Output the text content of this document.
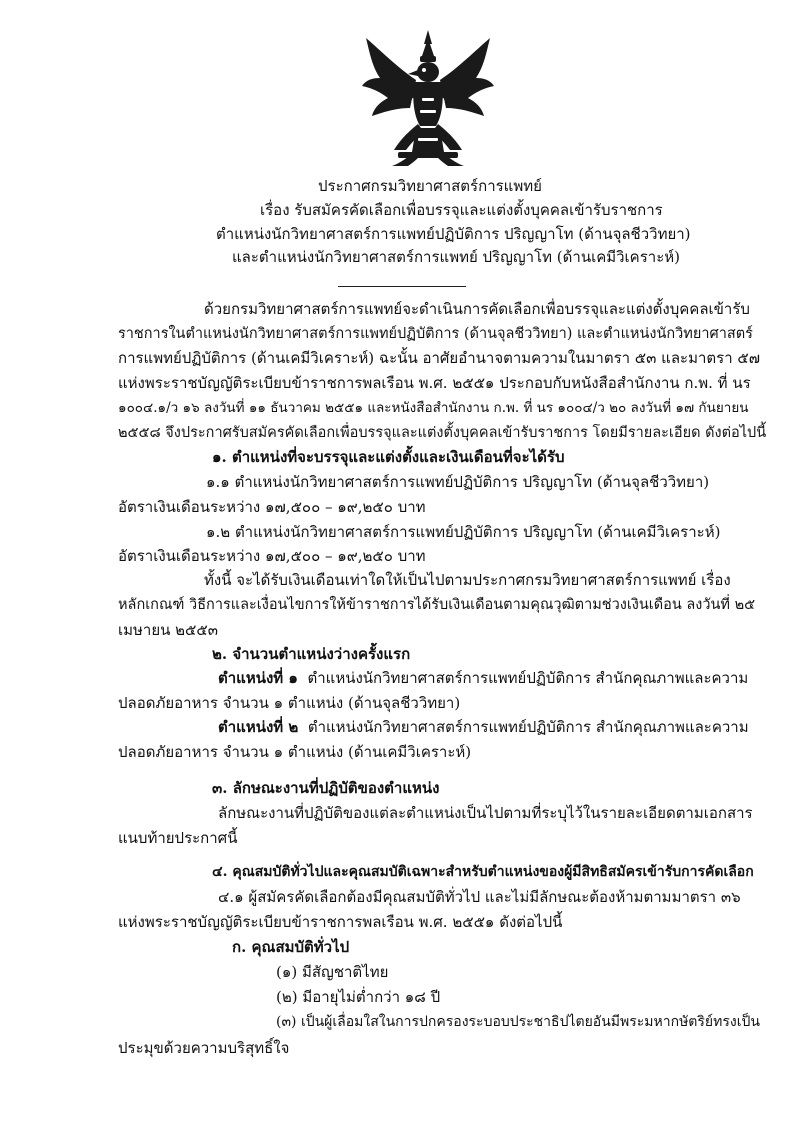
ประกาศกรมวิทยาศาสตร์การแพทย์
เรื่อง รับสมัครคัดเลือกเพื่อบรรจุและแต่งตั้งบุคคลเข้ารับราชการ
ตำแหน่งนักวิทยาศาสตร์การแพทย์ปฏิบัติการ ปริญญาโท (ด้านจุลชีววิทยา)
และตำแหน่งนักวิทยาศาสตร์การแพทย์ ปริญญาโท (ด้านเคมีวิเคราะห์)
ด้วยกรมวิทยาศาสตร์การแพทย์จะดำเนินการคัดเลือกเพื่อบรรจุและแต่งตั้งบุคคลเข้ารับ
ราชการในตำแหน่งนักวิทยาศาสตร์การแพทย์ปฏิบัติการ (ด้านจุลชีววิทยา) และตำแหน่งนักวิทยาศาสตร์
การแพทย์ปฏิบัติการ (ด้านเคมีวิเคราะห์) ฉะนั้น อาศัยอำนาจตามความในมาตรา ๕๓ และมาตรา ๕๗
แห่งพระราชบัญญัติระเบียบข้าราชการพลเรือน พ.ศ. ๒๕๕๑ ประกอบกับหนังสือสำนักงาน ก.พ. ที่ นร
๑๐๐๔.๑/ว ๑๖ ลงวันที่ ๑๑ ธันวาคม ๒๕๕๑ และหนังสือสำนักงาน ก.พ. ที่ นร ๑๐๐๔/ว ๒๐ ลงวันที่ ๑๗ กันยายน
๒๕๕๘ จึงประกาศรับสมัครคัดเลือกเพื่อบรรจุและแต่งตั้งบุคคลเข้ารับราชการ โดยมีรายละเอียด ดังต่อไปนี้
๑. ตำแหน่งที่จะบรรจุและแต่งตั้งและเงินเดือนที่จะได้รับ
๑.๑ ตำแหน่งนักวิทยาศาสตร์การแพทย์ปฏิบัติการ ปริญญาโท (ด้านจุลชีววิทยา)
อัตราเงินเดือนระหว่าง ๑๗,๕๐๐ – ๑๙,๒๕๐ บาท
๑.๒ ตำแหน่งนักวิทยาศาสตร์การแพทย์ปฏิบัติการ ปริญญาโท (ด้านเคมีวิเคราะห์)
อัตราเงินเดือนระหว่าง ๑๗,๕๐๐ – ๑๙,๒๕๐ บาท
ทั้งนี้ จะได้รับเงินเดือนเท่าใดให้เป็นไปตามประกาศกรมวิทยาศาสตร์การแพทย์ เรื่อง
หลักเกณฑ์ วิธีการและเงื่อนไขการให้ข้าราชการได้รับเงินเดือนตามคุณวุฒิตามช่วงเงินเดือน ลงวันที่ ๒๕
เมษายน ๒๕๕๓
๒. จำนวนตำแหน่งว่างครั้งแรก
ตำแหน่งที่ ๑ ตำแหน่งนักวิทยาศาสตร์การแพทย์ปฏิบัติการ สำนักคุณภาพและความ
ปลอดภัยอาหาร จำนวน ๑ ตำแหน่ง (ด้านจุลชีววิทยา)
ตำแหน่งที่ ๒ ตำแหน่งนักวิทยาศาสตร์การแพทย์ปฏิบัติการ สำนักคุณภาพและความ
ปลอดภัยอาหาร จำนวน ๑ ตำแหน่ง (ด้านเคมีวิเคราะห์)
๓. ลักษณะงานที่ปฏิบัติของตำแหน่ง
ลักษณะงานที่ปฏิบัติของแต่ละตำแหน่งเป็นไปตามที่ระบุไว้ในรายละเอียดตามเอกสาร
แนบท้ายประกาศนี้
๔. คุณสมบัติทั่วไปและคุณสมบัติเฉพาะสำหรับตำแหน่งของผู้มีสิทธิสมัครเข้ารับการคัดเลือก
๔.๑ ผู้สมัครคัดเลือกต้องมีคุณสมบัติทั่วไป และไม่มีลักษณะต้องห้ามตามมาตรา ๓๖
แห่งพระราชบัญญัติระเบียบข้าราชการพลเรือน พ.ศ. ๒๕๕๑ ดังต่อไปนี้
ก. คุณสมบัติทั่วไป
(๑) มีสัญชาติไทย
(๒) มีอายุไม่ต่ำกว่า ๑๘ ปี
(๓) เป็นผู้เลื่อมใสในการปกครองระบอบประชาธิปไตยอันมีพระมหากษัตริย์ทรงเป็น
ประมุขด้วยความบริสุทธิ์ใจ
